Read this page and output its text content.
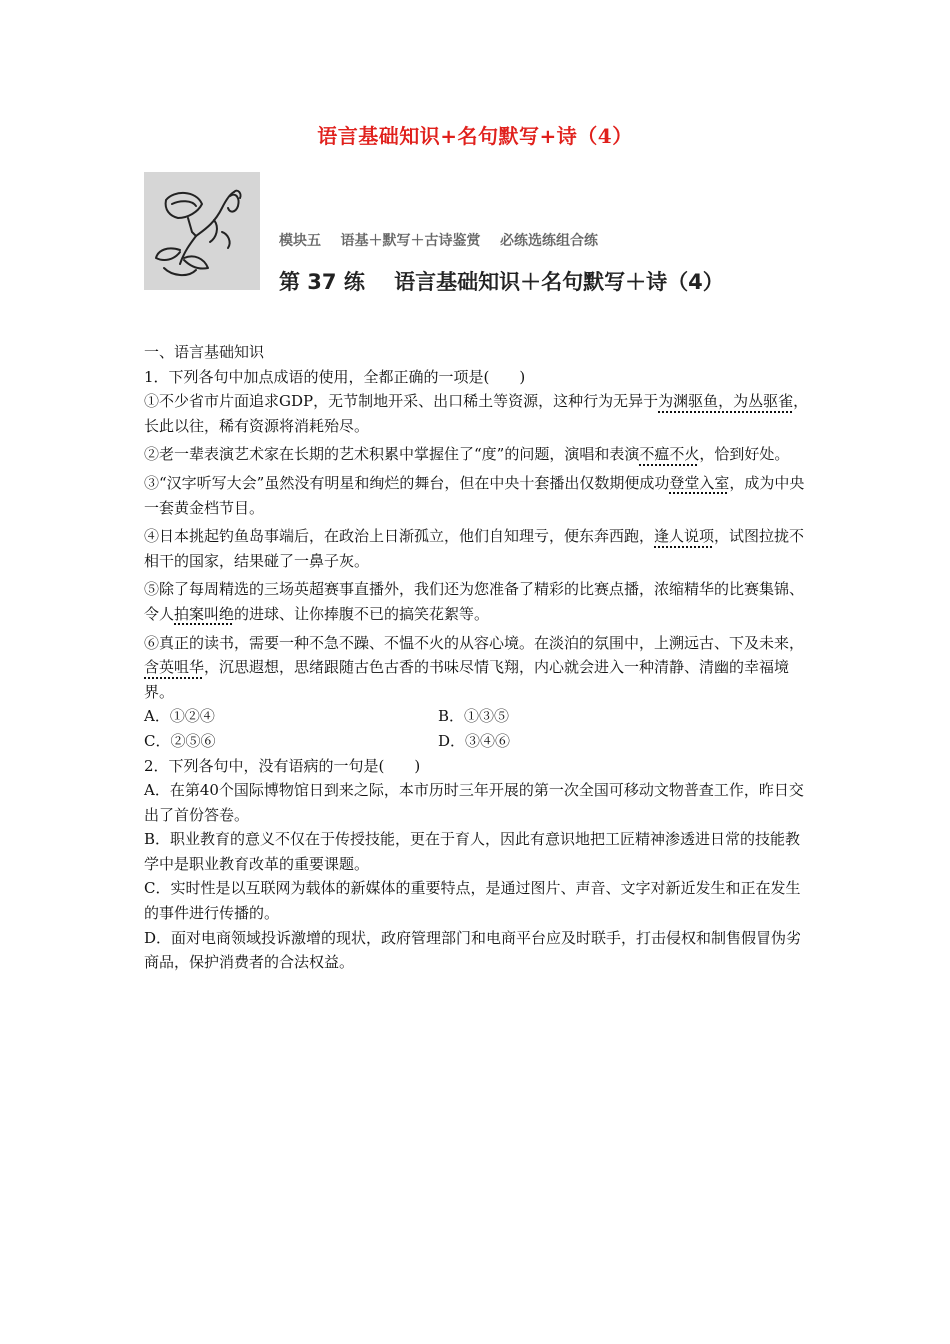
语言基础知识+名句默写+诗（4）
模块五    语基＋默写＋古诗鉴赏    必练选练组合练
第 37 练    语言基础知识＋名句默写＋诗（4）

一、语言基础知识

1．下列各句中加点成语的使用，全都正确的一项是(　　)

①不少省市片面追求GDP，无节制地开采、出口稀土等资源，这种行为无异于为渊驱鱼，为丛驱雀，长此以往，稀有资源将消耗殆尽。

②老一辈表演艺术家在长期的艺术积累中掌握住了“度”的问题，演唱和表演不瘟不火，恰到好处。

③“汉字听写大会”虽然没有明星和绚烂的舞台，但在中央十套播出仅数期便成功登堂入室，成为中央一套黄金档节目。

④日本挑起钓鱼岛事端后，在政治上日渐孤立，他们自知理亏，便东奔西跑，逢人说项，试图拉拢不相干的国家，结果碰了一鼻子灰。

⑤除了每周精选的三场英超赛事直播外，我们还为您准备了精彩的比赛点播，浓缩精华的比赛集锦、令人拍案叫绝的进球、让你捧腹不已的搞笑花絮等。

⑥真正的读书，需要一种不急不躁、不愠不火的从容心境。在淡泊的氛围中，上溯远古、下及未来，含英咀华，沉思遐想，思绪跟随古色古香的书味尽情飞翔，内心就会进入一种清静、清幽的幸福境界。

A．①②④	B．①③⑤
C．②⑤⑥	D．③④⑥

2．下列各句中，没有语病的一句是(　　)

A．在第40个国际博物馆日到来之际，本市历时三年开展的第一次全国可移动文物普查工作，昨日交出了首份答卷。

B．职业教育的意义不仅在于传授技能，更在于育人，因此有意识地把工匠精神渗透进日常的技能教学中是职业教育改革的重要课题。

C．实时性是以互联网为载体的新媒体的重要特点，是通过图片、声音、文字对新近发生和正在发生的事件进行传播的。

D．面对电商领域投诉激增的现状，政府管理部门和电商平台应及时联手，打击侵权和制售假冒伪劣商品，保护消费者的合法权益。
